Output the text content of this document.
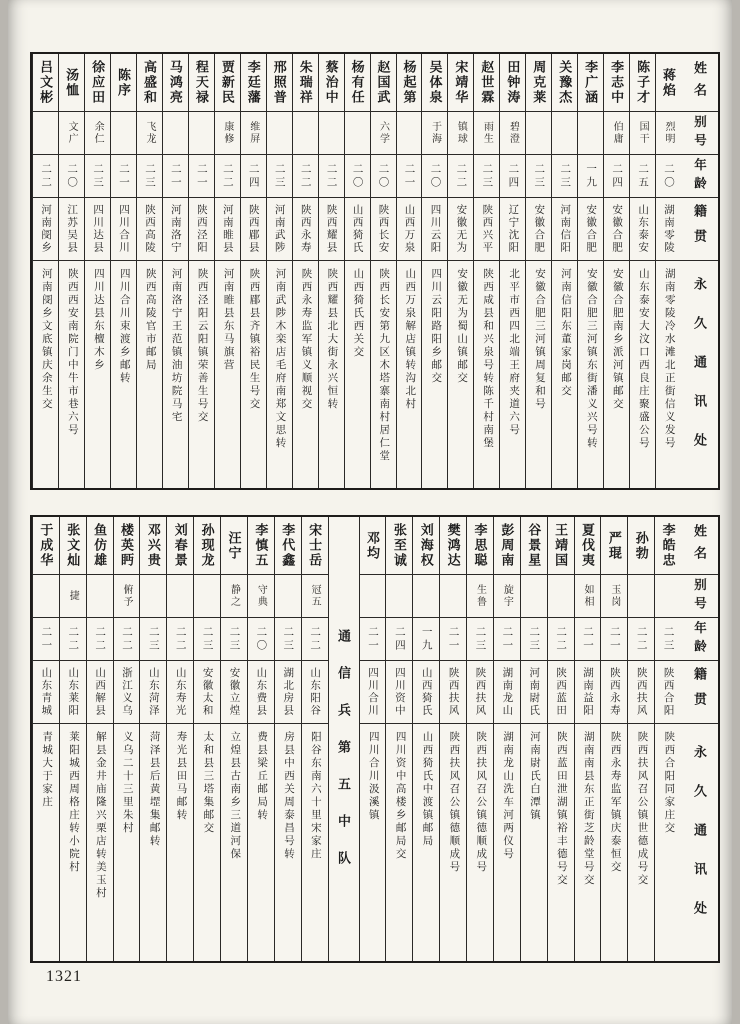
姓名
别号
年龄
籍贯
永久通讯处
蒋焰
烈明
二〇
湖南零陵
湖南零陵冷水滩北正街信义发号
陈子才
国干
二五
山东泰安
山东泰安大汶口西良庄聚盛公号
李志中
伯庸
二四
安徽合肥
安徽合肥南乡派河镇邮交
李广涵
一九
安徽合肥
安徽合肥三河镇东街潘义兴号转
关豫杰
二三
河南信阳
河南信阳东董家岗邮交
周克莱
二三
安徽合肥
安徽合肥三河镇周复和号
田钟涛
碧澄
二四
辽宁沈阳
北平市西四北端王府夹道六号
赵世霖
雨生
二三
陕西兴平
陕西咸县和兴泉号转陈千村南堡
宋靖华
镇球
二二
安徽无为
安徽无为蜀山镇邮交
吴体泉
于海
二〇
四川云阳
四川云阳路阳乡邮交
杨起第
二一
山西万泉
山西万泉解店镇转沟北村
赵国武
六学
二〇
陕西长安
陕西长安第九区木塔寨南村居仁堂
杨有任
二〇
山西猗氏
山西猗氏西关交
蔡治中
二二
陕西耀县
陕西耀县北大街永兴恒转
朱瑞祥
二二
陕西永寿
陕西永寿监军镇义顺视交
邢照普
二三
河南武陟
河南武陟木栾店毛府南郑文思转
李廷藩
维屏
二四
陕西郿县
陕西郿县齐镇裕民生号交
贾新民
康修
二二
河南睢县
河南睢县东马旗营
程天禄
二一
陕西泾阳
陕西泾阳云阳镇荣善生号交
马鸿亮
二一
河南洛宁
河南洛宁王范镇油坊院马宅
高盛和
飞龙
二三
陕西高陵
陕西高陵官市邮局
陈序
二一
四川合川
四川合川束渡乡邮转
徐应田
余仁
二三
四川达县
四川达县东檀木乡
汤恤
文广
二〇
江苏吴县
陕西西安南院门中牛市巷六号
吕文彬
二二
河南阌乡
河南阌乡文底镇庆余生交
姓名
别号
年龄
籍贯
永久通讯处
李皓忠
二三
陕西合阳
陕西合阳同家庄交
孙勃
二二
陕西扶风
陕西扶风召公镇世德成号交
严琨
玉岗
二一
陕西永寿
陕西永寿监军镇庆泰恒交
夏伐夷
如相
二一
湖南益阳
湖南南县东正街芝龄堂号交
王靖国
二二
陕西蓝田
陕西蓝田泄湖镇裕丰德号交
谷景星
二三
河南尉氏
河南尉氏白潭镇
彭周南
旋宇
二一
湖南龙山
湖南龙山洗车河两仪号
李思聪
生鲁
二三
陕西扶风
陕西扶风召公镇德顺成号
樊鸿达
二一
陕西扶风
陕西扶风召公镇德顺成号
刘海权
一九
山西猗氏
山西猗氏中渡镇邮局
张至诚
二四
四川资中
四川资中高楼乡邮局交
邓均
二一
四川合川
四川合川汲溪镇
通信兵第五中队
宋士岳
冠五
二二
山东阳谷
阳谷东南六十里宋家庄
李代鑫
二三
湖北房县
房县中西关周泰昌号转
李慎五
守典
二〇
山东费县
费县梁丘邮局转
汪宁
静之
二三
安徽立煌
立煌县古南乡三道河保
孙现龙
二三
安徽太和
太和县三塔集邮交
刘春景
二二
山东寿光
寿光县田马邮转
邓兴贵
二三
山东菏泽
菏泽县后黄堽集邮转
楼英眄
俯予
二二
浙江义乌
义乌二十三里朱村
鱼仿雄
二二
山西解县
解县金井庙隆兴栗店转美玉村
张文灿
捷
二二
山东莱阳
莱阳城西周格庄转小院村
于成华
二一
山东青城
青城大于家庄
1321
